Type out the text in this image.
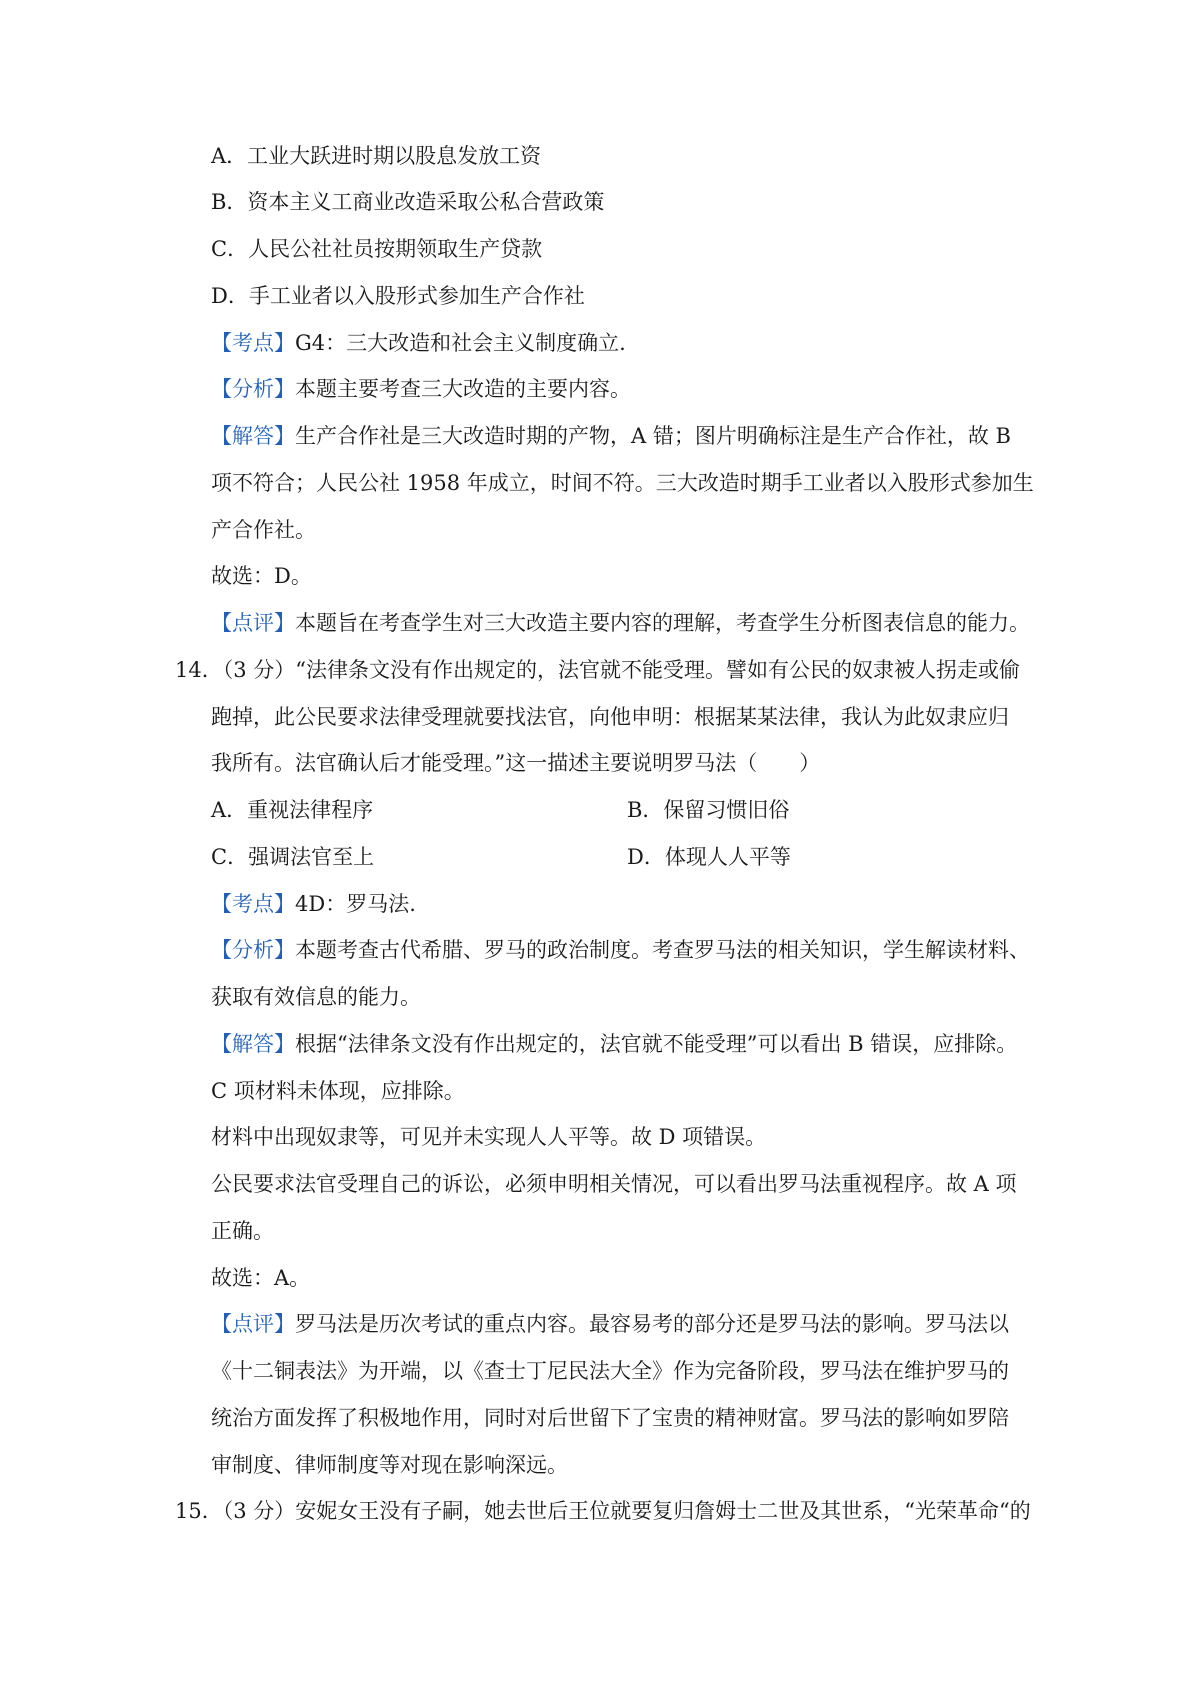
A．工业大跃进时期以股息发放工资
B．资本主义工商业改造采取公私合营政策
C．人民公社社员按期领取生产贷款
D．手工业者以入股形式参加生产合作社
【考点】G4：三大改造和社会主义制度确立.
【分析】本题主要考查三大改造的主要内容。
【解答】生产合作社是三大改造时期的产物，A 错；图片明确标注是生产合作社，故 B
项不符合；人民公社 1958 年成立，时间不符。三大改造时期手工业者以入股形式参加生
产合作社。
故选：D。
【点评】本题旨在考查学生对三大改造主要内容的理解，考查学生分析图表信息的能力。
14．（3 分）“法律条文没有作出规定的，法官就不能受理。譬如有公民的奴隶被人拐走或偷
跑掉，此公民要求法律受理就要找法官，向他申明：根据某某法律，我认为此奴隶应归
我所有。法官确认后才能受理。”这一描述主要说明罗马法（　　）
A．重视法律程序	B．保留习惯旧俗
C．强调法官至上	D．体现人人平等
【考点】4D：罗马法.
【分析】本题考查古代希腊、罗马的政治制度。考查罗马法的相关知识，学生解读材料、
获取有效信息的能力。
【解答】根据“法律条文没有作出规定的，法官就不能受理”可以看出 B 错误，应排除。
C 项材料未体现，应排除。
材料中出现奴隶等，可见并未实现人人平等。故 D 项错误。
公民要求法官受理自己的诉讼，必须申明相关情况，可以看出罗马法重视程序。故 A 项
正确。
故选：A。
【点评】罗马法是历次考试的重点内容。最容易考的部分还是罗马法的影响。罗马法以
《十二铜表法》为开端，以《查士丁尼民法大全》作为完备阶段，罗马法在维护罗马的
统治方面发挥了积极地作用，同时对后世留下了宝贵的精神财富。罗马法的影响如罗陪
审制度、律师制度等对现在影响深远。
15．（3 分）安妮女王没有子嗣，她去世后王位就要复归詹姆士二世及其世系，“光荣革命“的
